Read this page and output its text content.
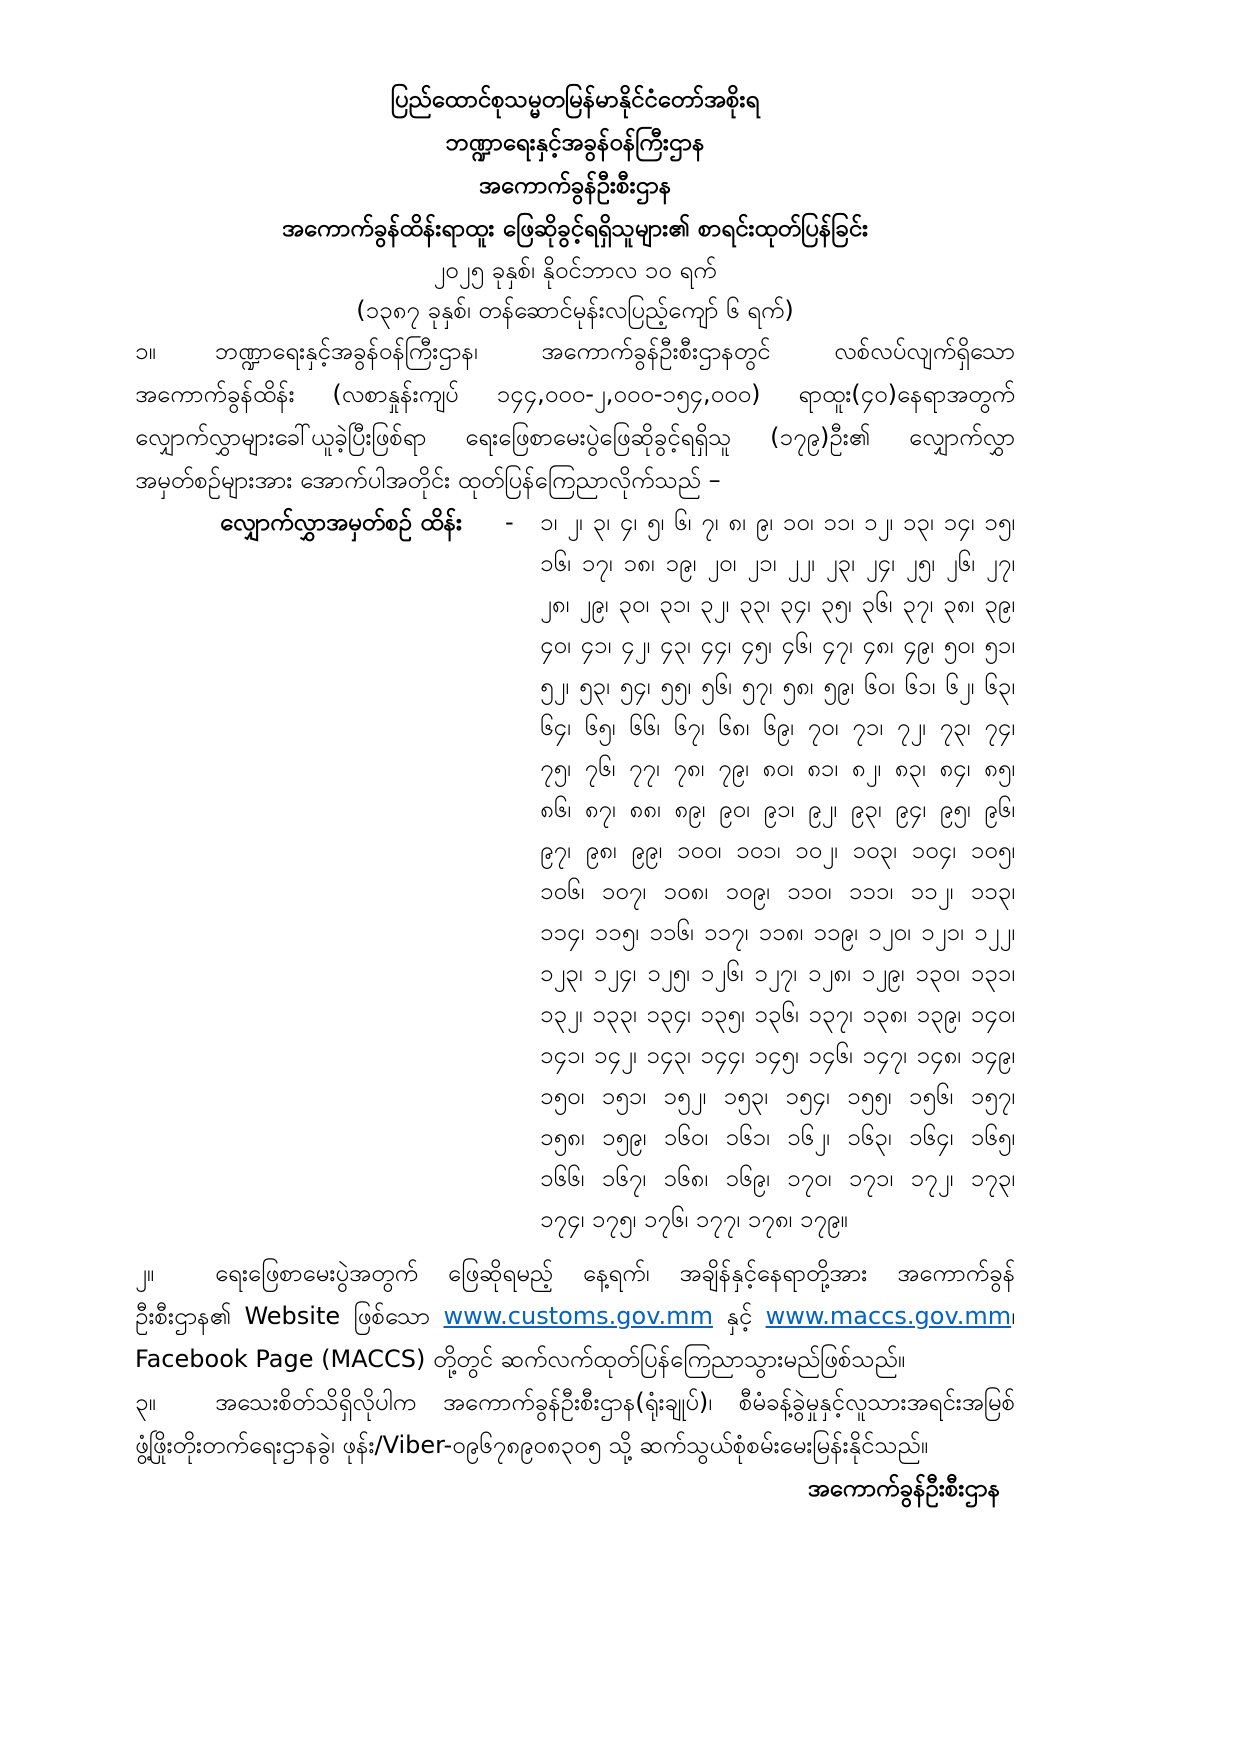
ပြည်ထောင်စုသမ္မတမြန်မာနိုင်ငံတော်အစိုးရ
ဘဏ္ဍာရေးနှင့်အခွန်ဝန်ကြီးဌာန
အကောက်ခွန်ဦးစီးဌာန
အကောက်ခွန်ထိန်းရာထူး ဖြေဆိုခွင့်ရရှိသူများ၏ စာရင်းထုတ်ပြန်ခြင်း
၂၀၂၅ ခုနှစ်၊ နိုဝင်ဘာလ ၁၀ ရက်
(၁၃၈၇ ခုနှစ်၊ တန်ဆောင်မုန်းလပြည့်ကျော် ၆ ရက်)
၁။	ဘဏ္ဍာရေးနှင့်အခွန်ဝန်ကြီးဌာန၊ အကောက်ခွန်ဦးစီးဌာနတွင် လစ်လပ်လျက်ရှိသော
အကောက်ခွန်ထိန်း (လစာနှုန်းကျပ် ၁၄၄,၀၀၀-၂,၀၀၀-၁၅၄,၀၀၀) ရာထူး(၄၀)နေရာအတွက်
လျှောက်လွှာများခေါ်ယူခဲ့ပြီးဖြစ်ရာ ရေးဖြေစာမေးပွဲဖြေဆိုခွင့်ရရှိသူ (၁၇၉)ဦး၏ လျှောက်လွှာ
အမှတ်စဉ်များအား အောက်ပါအတိုင်း ထုတ်ပြန်ကြေညာလိုက်သည် –
လျှောက်လွှာအမှတ်စဉ် ထိန်း	-	၁၊ ၂၊ ၃၊ ၄၊ ၅၊ ၆၊ ၇၊ ၈၊ ၉၊ ၁၀၊ ၁၁၊ ၁၂၊ ၁၃၊ ၁၄၊ ၁၅၊
၁၆၊ ၁၇၊ ၁၈၊ ၁၉၊ ၂၀၊ ၂၁၊ ၂၂၊ ၂၃၊ ၂၄၊ ၂၅၊ ၂၆၊ ၂၇၊
၂၈၊ ၂၉၊ ၃၀၊ ၃၁၊ ၃၂၊ ၃၃၊ ၃၄၊ ၃၅၊ ၃၆၊ ၃၇၊ ၃၈၊ ၃၉၊
၄၀၊ ၄၁၊ ၄၂၊ ၄၃၊ ၄၄၊ ၄၅၊ ၄၆၊ ၄၇၊ ၄၈၊ ၄၉၊ ၅၀၊ ၅၁၊
၅၂၊ ၅၃၊ ၅၄၊ ၅၅၊ ၅၆၊ ၅၇၊ ၅၈၊ ၅၉၊ ၆၀၊ ၆၁၊ ၆၂၊ ၆၃၊
၆၄၊ ၆၅၊ ၆၆၊ ၆၇၊ ၆၈၊ ၆၉၊ ၇၀၊ ၇၁၊ ၇၂၊ ၇၃၊ ၇၄၊
၇၅၊ ၇၆၊ ၇၇၊ ၇၈၊ ၇၉၊ ၈၀၊ ၈၁၊ ၈၂၊ ၈၃၊ ၈၄၊ ၈၅၊
၈၆၊ ၈၇၊ ၈၈၊ ၈၉၊ ၉၀၊ ၉၁၊ ၉၂၊ ၉၃၊ ၉၄၊ ၉၅၊ ၉၆၊
၉၇၊ ၉၈၊ ၉၉၊ ၁၀၀၊ ၁၀၁၊ ၁၀၂၊ ၁၀၃၊ ၁၀၄၊ ၁၀၅၊
၁၀၆၊ ၁၀၇၊ ၁၀၈၊ ၁၀၉၊ ၁၁၀၊ ၁၁၁၊ ၁၁၂၊ ၁၁၃၊
၁၁၄၊ ၁၁၅၊ ၁၁၆၊ ၁၁၇၊ ၁၁၈၊ ၁၁၉၊ ၁၂၀၊ ၁၂၁၊ ၁၂၂၊
၁၂၃၊ ၁၂၄၊ ၁၂၅၊ ၁၂၆၊ ၁၂၇၊ ၁၂၈၊ ၁၂၉၊ ၁၃၀၊ ၁၃၁၊
၁၃၂၊ ၁၃၃၊ ၁၃၄၊ ၁၃၅၊ ၁၃၆၊ ၁၃၇၊ ၁၃၈၊ ၁၃၉၊ ၁၄၀၊
၁၄၁၊ ၁၄၂၊ ၁၄၃၊ ၁၄၄၊ ၁၄၅၊ ၁၄၆၊ ၁၄၇၊ ၁၄၈၊ ၁၄၉၊
၁၅၀၊ ၁၅၁၊ ၁၅၂၊ ၁၅၃၊ ၁၅၄၊ ၁၅၅၊ ၁၅၆၊ ၁၅၇၊
၁၅၈၊ ၁၅၉၊ ၁၆၀၊ ၁၆၁၊ ၁၆၂၊ ၁၆၃၊ ၁၆၄၊ ၁၆၅၊
၁၆၆၊ ၁၆၇၊ ၁၆၈၊ ၁၆၉၊ ၁၇၀၊ ၁၇၁၊ ၁၇၂၊ ၁၇၃၊
၁၇၄၊ ၁၇၅၊ ၁၇၆၊ ၁၇၇၊ ၁၇၈၊ ၁၇၉။
၂။	ရေးဖြေစာမေးပွဲအတွက် ဖြေဆိုရမည့် နေ့ရက်၊ အချိန်နှင့်နေရာတို့အား အကောက်ခွန်
ဦးစီးဌာန၏ Website ဖြစ်သော www.customs.gov.mm နှင့် www.maccs.gov.mm၊
Facebook Page (MACCS) တို့တွင် ဆက်လက်ထုတ်ပြန်ကြေညာသွားမည်ဖြစ်သည်။
၃။	အသေးစိတ်သိရှိလိုပါက အကောက်ခွန်ဦးစီးဌာန(ရုံးချုပ်)၊ စီမံခန့်ခွဲမှုနှင့်လူသားအရင်းအမြစ်
ဖွံ့ဖြိုးတိုးတက်ရေးဌာနခွဲ၊ ဖုန်း/Viber-၀၉၆၇၈၉၀၈၃၀၅ သို့ ဆက်သွယ်စုံစမ်းမေးမြန်းနိုင်သည်။
အကောက်ခွန်ဦးစီးဌာန
